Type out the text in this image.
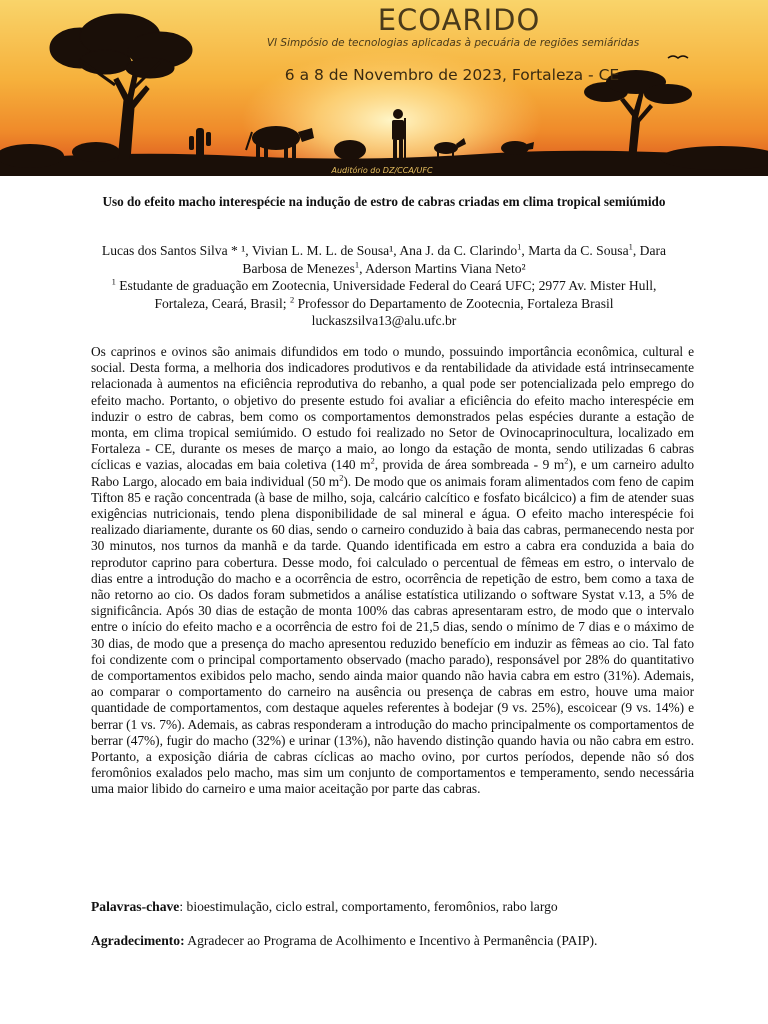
ECOARIDO
VI Simpósio de tecnologias aplicadas à pecuária de regiões semiáridas
6 a 8 de Novembro de 2023, Fortaleza - CE
Auditório do DZ/CCA/UFC
Uso do efeito macho interespécie na indução de estro de cabras criadas em clima tropical semiúmido
Lucas dos Santos Silva * ¹, Vivian L. M. L. de Sousa¹, Ana J. da C. Clarindo$^1$, Marta da C. Sousa$^1$, Dara Barbosa de Menezes$^1$, Aderson Martins Viana Neto²
$^1$ Estudante de graduação em Zootecnia, Universidade Federal do Ceará UFC; 2977 Av. Mister Hull, Fortaleza, Ceará, Brasil; $^2$ Professor do Departamento de Zootecnia, Fortaleza Brasil
luckaszsilva13@alu.ufc.br
Os caprinos e ovinos são animais difundidos em todo o mundo, possuindo importância econômica, cultural e social. Desta forma, a melhoria dos indicadores produtivos e da rentabilidade da atividade está intrinsecamente relacionada à aumentos na eficiência reprodutiva do rebanho, a qual pode ser potencializada pelo emprego do efeito macho. Portanto, o objetivo do presente estudo foi avaliar a eficiência do efeito macho interespécie em induzir o estro de cabras, bem como os comportamentos demonstrados pelas espécies durante a estação de monta, em clima tropical semiúmido. O estudo foi realizado no Setor de Ovinocaprinocultura, localizado em Fortaleza - CE, durante os meses de março a maio, ao longo da estação de monta, sendo utilizadas 6 cabras cíclicas e vazias, alocadas em baia coletiva (140 $m^2$, provida de área sombreada - 9 $m^2$), e um carneiro adulto Rabo Largo, alocado em baia individual (50 $m^2$). De modo que os animais foram alimentados com feno de capim Tifton 85 e ração concentrada (à base de milho, soja, calcário calcítico e fosfato bicálcico) a fim de atender suas exigências nutricionais, tendo plena disponibilidade de sal mineral e água. O efeito macho interespécie foi realizado diariamente, durante os 60 dias, sendo o carneiro conduzido à baia das cabras, permanecendo nesta por 30 minutos, nos turnos da manhã e da tarde. Quando identificada em estro a cabra era conduzida a baia do reprodutor caprino para cobertura. Desse modo, foi calculado o percentual de fêmeas em estro, o intervalo de dias entre a introdução do macho e a ocorrência de estro, ocorrência de repetição de estro, bem como a taxa de não retorno ao cio. Os dados foram submetidos a análise estatística utilizando o software Systat v.13, a 5% de significância. Após 30 dias de estação de monta 100% das cabras apresentaram estro, de modo que o intervalo entre o início do efeito macho e a ocorrência de estro foi de 21,5 dias, sendo o mínimo de 7 dias e o máximo de 30 dias, de modo que a presença do macho apresentou reduzido benefício em induzir as fêmeas ao cio. Tal fato foi condizente com o principal comportamento observado (macho parado), responsável por 28% do quantitativo de comportamentos exibidos pelo macho, sendo ainda maior quando não havia cabra em estro (31%). Ademais, ao comparar o comportamento do carneiro na ausência ou presença de cabras em estro, houve uma maior quantidade de comportamentos, com destaque aqueles referentes à bodejar (9 vs. 25%), escoicear (9 vs. 14%) e berrar (1 vs. 7%). Ademais, as cabras responderam a introdução do macho principalmente os comportamentos de berrar (47%), fugir do macho (32%) e urinar (13%), não havendo distinção quando havia ou não cabra em estro. Portanto, a exposição diária de cabras cíclicas ao macho ovino, por curtos períodos, depende não só dos feromônios exalados pelo macho, mas sim um conjunto de comportamentos e temperamento, sendo necessária uma maior libido do carneiro e uma maior aceitação por parte das cabras.
Palavras-chave: bioestimulação, ciclo estral, comportamento, feromônios, rabo largo
Agradecimento: Agradecer ao Programa de Acolhimento e Incentivo à Permanência (PAIP).
